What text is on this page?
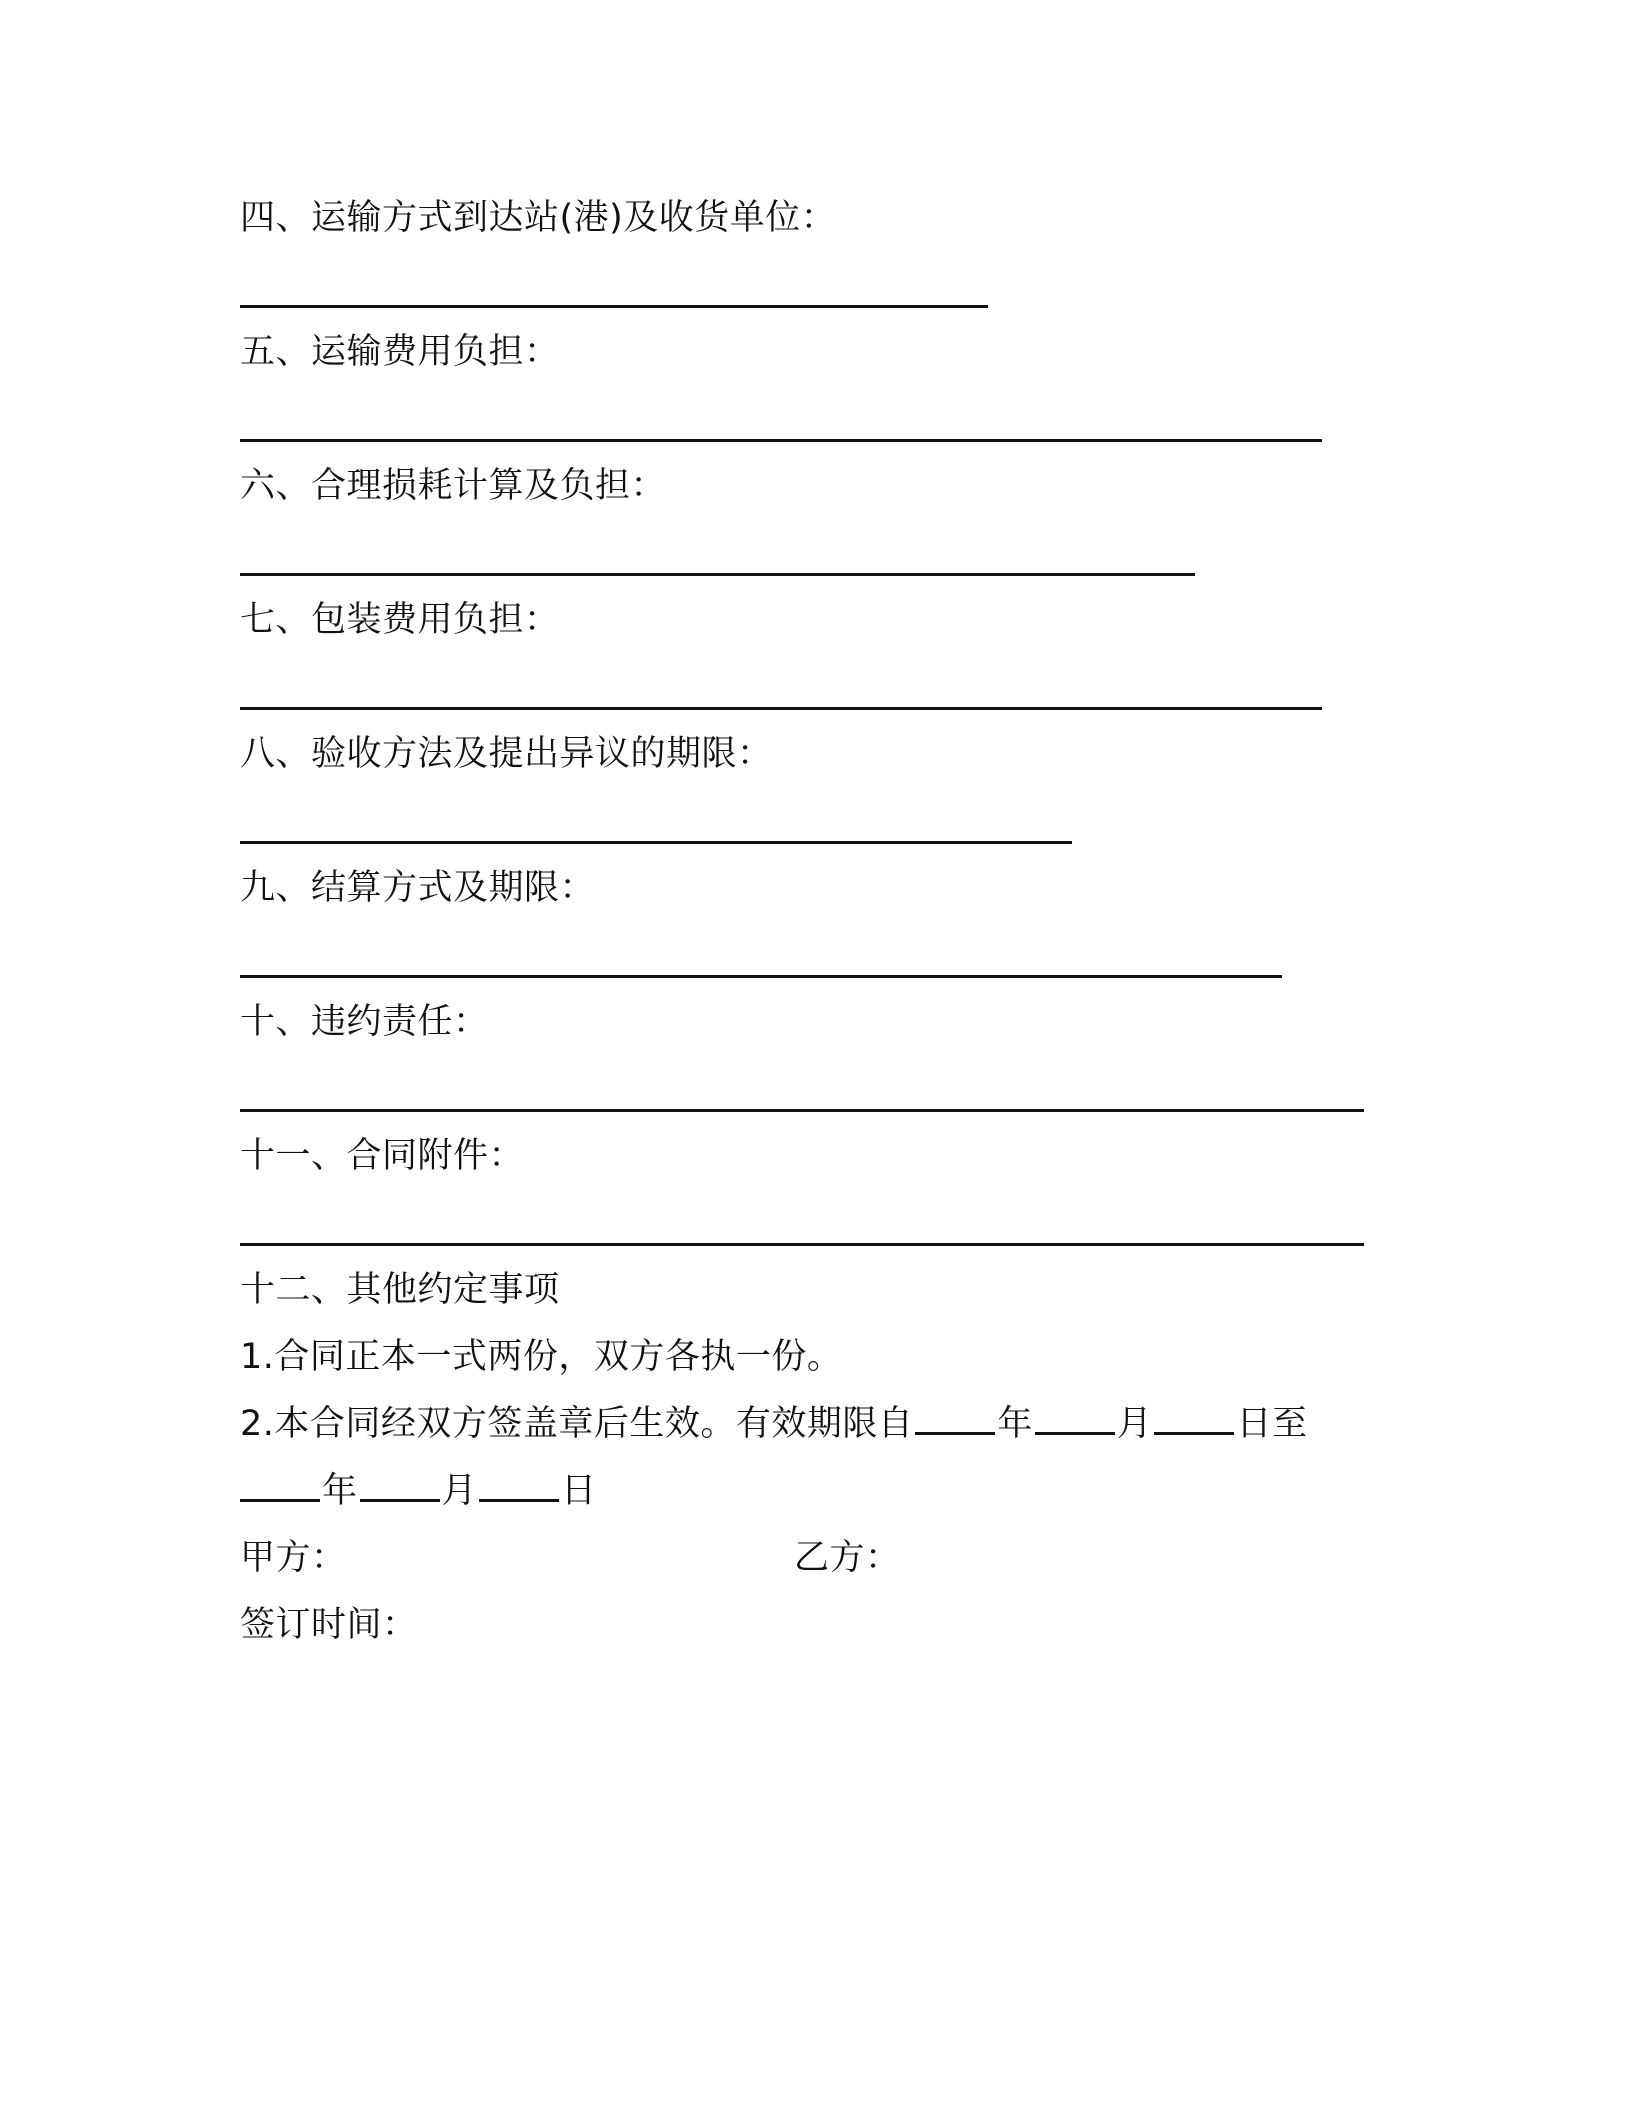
四、运输方式到达站(港)及收货单位：
五、运输费用负担：
六、合理损耗计算及负担：
七、包装费用负担：
八、验收方法及提出异议的期限：
九、结算方式及期限：
十、违约责任：
十一、合同附件：
十二、其他约定事项
1.合同正本一式两份，双方各执一份。
2.本合同经双方签盖章后生效。有效期限自 年 月 日至
年 月 日
甲方：	乙方：
签订时间：
